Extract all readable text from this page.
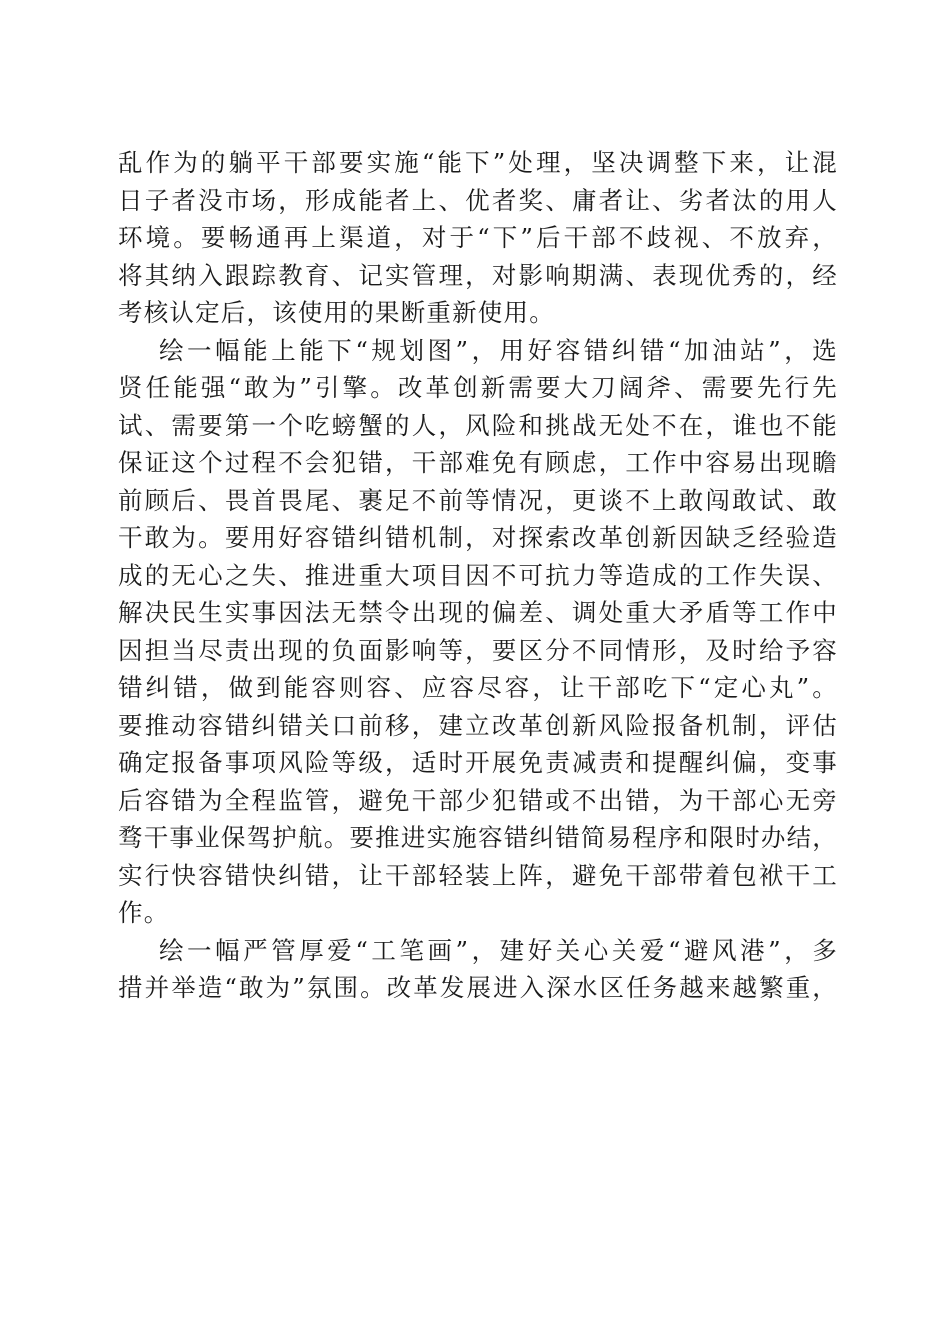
乱作为的躺平干部要实施“能下”处理，坚决调整下来，让混
日子者没市场，形成能者上、优者奖、庸者让、劣者汰的用人
环境。要畅通再上渠道，对于“下”后干部不歧视、不放弃，
将其纳入跟踪教育、记实管理，对影响期满、表现优秀的，经
考核认定后，该使用的果断重新使用。
绘一幅能上能下“规划图”，用好容错纠错“加油站”，选
贤任能强“敢为”引擎。改革创新需要大刀阔斧、需要先行先
试、需要第一个吃螃蟹的人，风险和挑战无处不在，谁也不能
保证这个过程不会犯错，干部难免有顾虑，工作中容易出现瞻
前顾后、畏首畏尾、裹足不前等情况，更谈不上敢闯敢试、敢
干敢为。要用好容错纠错机制，对探索改革创新因缺乏经验造
成的无心之失、推进重大项目因不可抗力等造成的工作失误、
解决民生实事因法无禁令出现的偏差、调处重大矛盾等工作中
因担当尽责出现的负面影响等，要区分不同情形，及时给予容
错纠错，做到能容则容、应容尽容，让干部吃下“定心丸”。
要推动容错纠错关口前移，建立改革创新风险报备机制，评估
确定报备事项风险等级，适时开展免责减责和提醒纠偏，变事
后容错为全程监管，避免干部少犯错或不出错，为干部心无旁
骛干事业保驾护航。要推进实施容错纠错简易程序和限时办结，
实行快容错快纠错，让干部轻装上阵，避免干部带着包袱干工
作。
绘一幅严管厚爱“工笔画”，建好关心关爱“避风港”，多
措并举造“敢为”氛围。改革发展进入深水区任务越来越繁重，
